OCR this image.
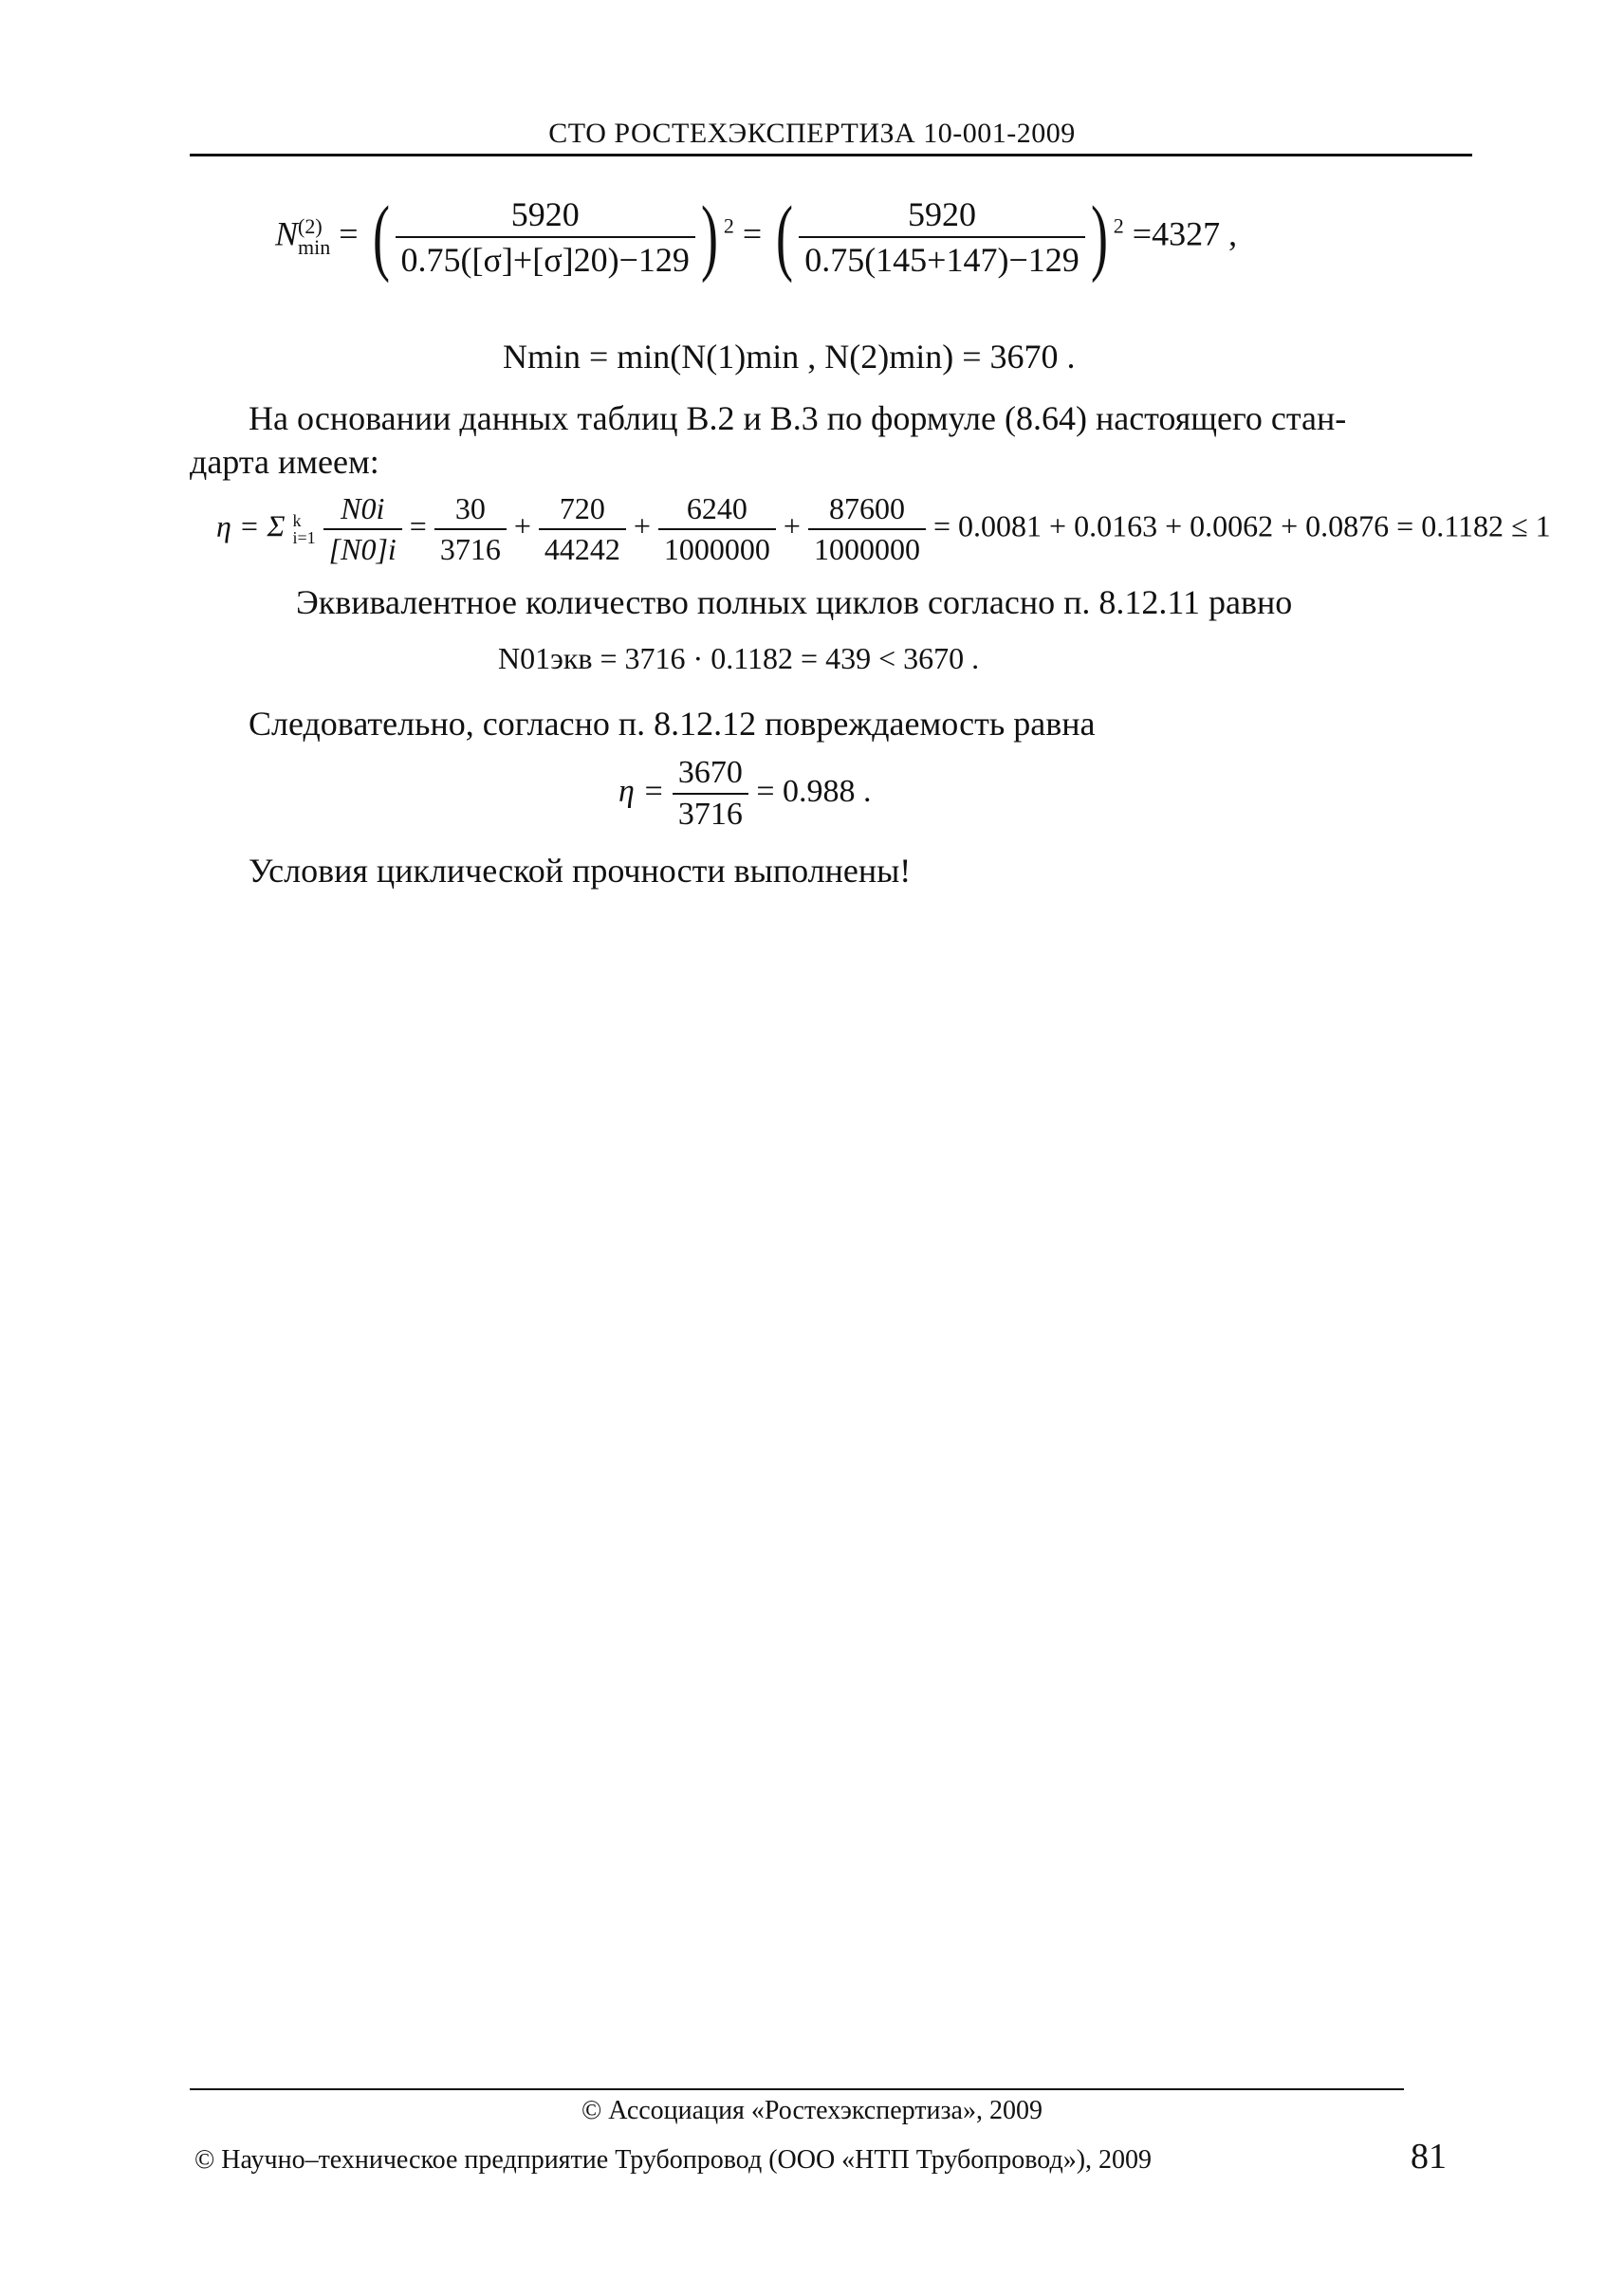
СТО РОСТЕХЭКСПЕРТИЗА 10-001-2009
N (2)
min = ( $\frac{5920}{0.75([\sigma]+[\sigma]20)-129}$ ) $^2$ = ( $\frac{5920}{0.75(145+147)-129}$ ) $^2$ =4327 ,
Nmin = min(N(1)min , N(2)min) = 3670 .
На основании данных таблиц В.2 и В.3 по формуле (8.64) настоящего стан-
дарта имеем:
η = Σ k
i=1
$\frac{N0i}{[N0]i} = \frac{30}{3716} + \frac{720}{44242} + \frac{6240}{1000000} + \frac{87600}{1000000} = 0.0081 + 0.0163 + 0.0062 + 0.0876 = 0.1182 \le 1$
Эквивалентное количество полных циклов согласно п. 8.12.11 равно
N01экв = 3716 · 0.1182 = 439 < 3670 .
Следовательно, согласно п. 8.12.12 повреждаемость равна
$\eta = \frac{3670}{3716} = 0.988$ .
Условия циклической прочности выполнены!
© Ассоциация «Ростехэкспертиза», 2009
© Научно–техническое предприятие Трубопровод (ООО «НТП Трубопровод»), 2009	81
